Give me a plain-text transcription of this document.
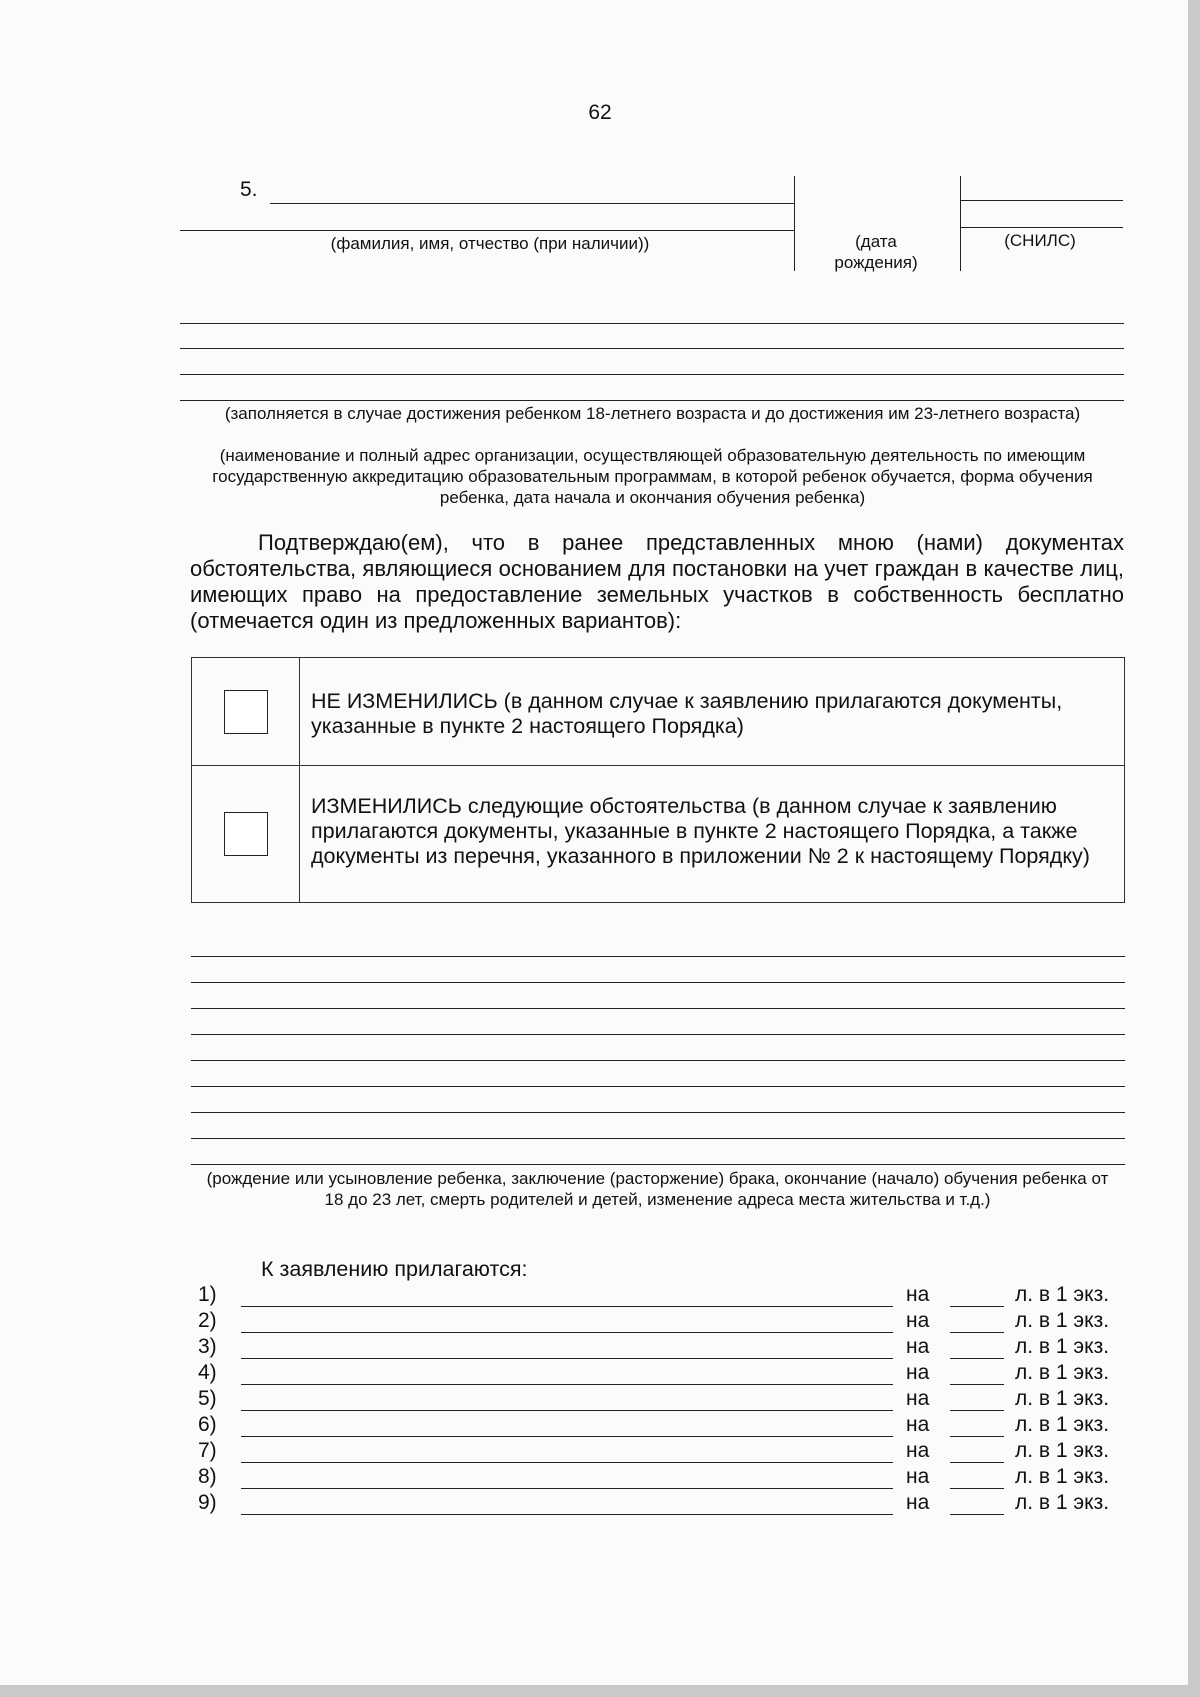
62
5.
(фамилия, имя, отчество (при наличии))	(дата рождения)
(СНИЛС)
(заполняется в случае достижения ребенком 18-летнего возраста и до достижения им 23-летнего возраста)
(наименование и полный адрес организации, осуществляющей образовательную деятельность по имеющим государственную аккредитацию образовательным программам, в которой ребенок обучается, форма обучения ребенка, дата начала и окончания обучения ребенка)
Подтверждаю(ем), что в ранее представленных мною (нами) документах обстоятельства, являющиеся основанием для постановки на учет граждан в качестве лиц, имеющих право на предоставление земельных участков в собственность бесплатно (отмечается один из предложенных вариантов):
	НЕ ИЗМЕНИЛИСЬ (в данном случае к заявлению прилагаются документы, указанные в пункте 2 настоящего Порядка)

	ИЗМЕНИЛИСЬ следующие обстоятельства (в данном случае к заявлению прилагаются документы, указанные в пункте 2 настоящего Порядка, а также документы из перечня, указанного в приложении № 2 к настоящему Порядку)
(рождение или усыновление ребенка, заключение (расторжение) брака, окончание (начало) обучения ребенка от 18 до 23 лет, смерть родителей и детей, изменение адреса места жительства и т.д.)
К заявлению прилагаются:
1)	на	л. в 1 экз.
2)	на	л. в 1 экз.
3)	на	л. в 1 экз.
4)	на	л. в 1 экз.
5)	на	л. в 1 экз.
6)	на	л. в 1 экз.
7)	на	л. в 1 экз.
8)	на	л. в 1 экз.
9)	на	л. в 1 экз.
